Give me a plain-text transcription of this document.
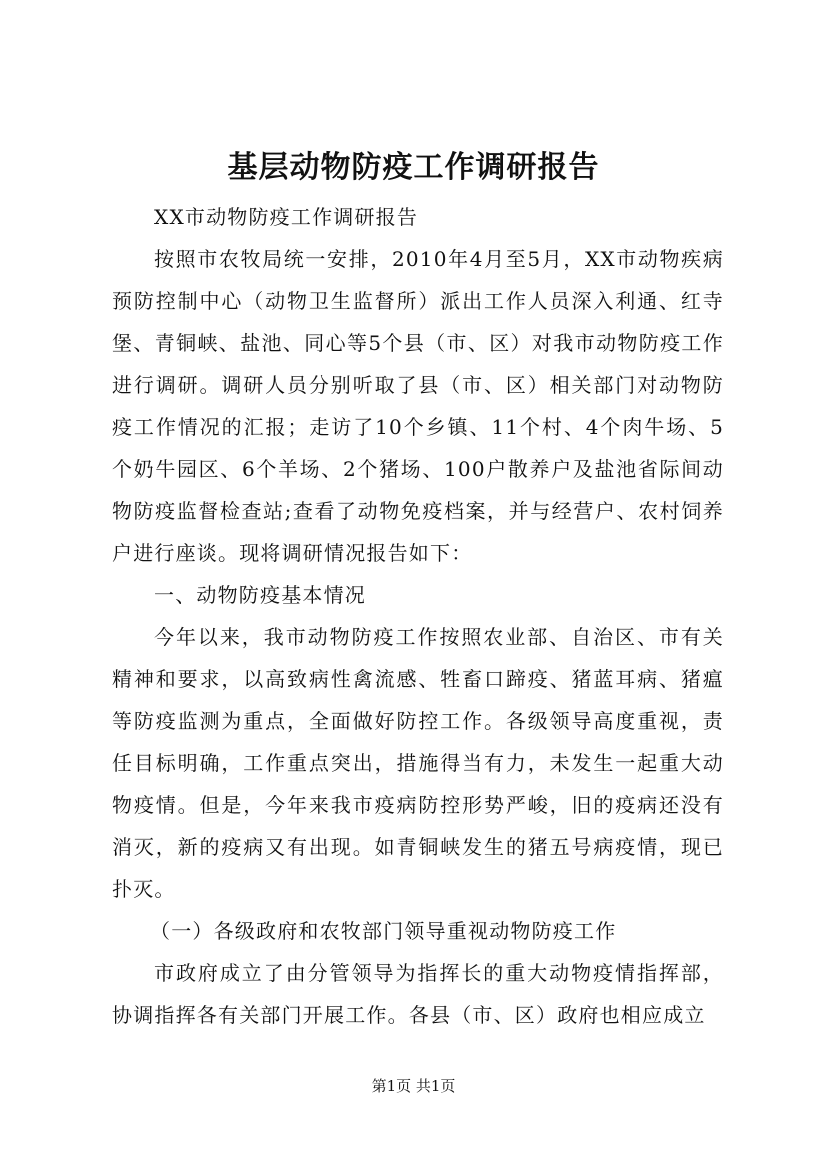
基层动物防疫工作调研报告

XX市动物防疫工作调研报告

按照市农牧局统一安排，2010年4月至5月，XX市动物疾病预防控制中心（动物卫生监督所）派出工作人员深入利通、红寺堡、青铜峡、盐池、同心等5个县（市、区）对我市动物防疫工作进行调研。调研人员分别听取了县（市、区）相关部门对动物防疫工作情况的汇报；走访了10个乡镇、11个村、4个肉牛场、5个奶牛园区、6个羊场、2个猪场、100户散养户及盐池省际间动物防疫监督检查站;查看了动物免疫档案，并与经营户、农村饲养户进行座谈。现将调研情况报告如下：

一、动物防疫基本情况

今年以来，我市动物防疫工作按照农业部、自治区、市有关精神和要求，以高致病性禽流感、牲畜口蹄疫、猪蓝耳病、猪瘟等防疫监测为重点，全面做好防控工作。各级领导高度重视，责任目标明确，工作重点突出，措施得当有力，未发生一起重大动物疫情。但是，今年来我市疫病防控形势严峻，旧的疫病还没有消灭，新的疫病又有出现。如青铜峡发生的猪五号病疫情，现已扑灭。

（一）各级政府和农牧部门领导重视动物防疫工作

市政府成立了由分管领导为指挥长的重大动物疫情指挥部，协调指挥各有关部门开展工作。各县（市、区）政府也相应成立

第1页 共1页
